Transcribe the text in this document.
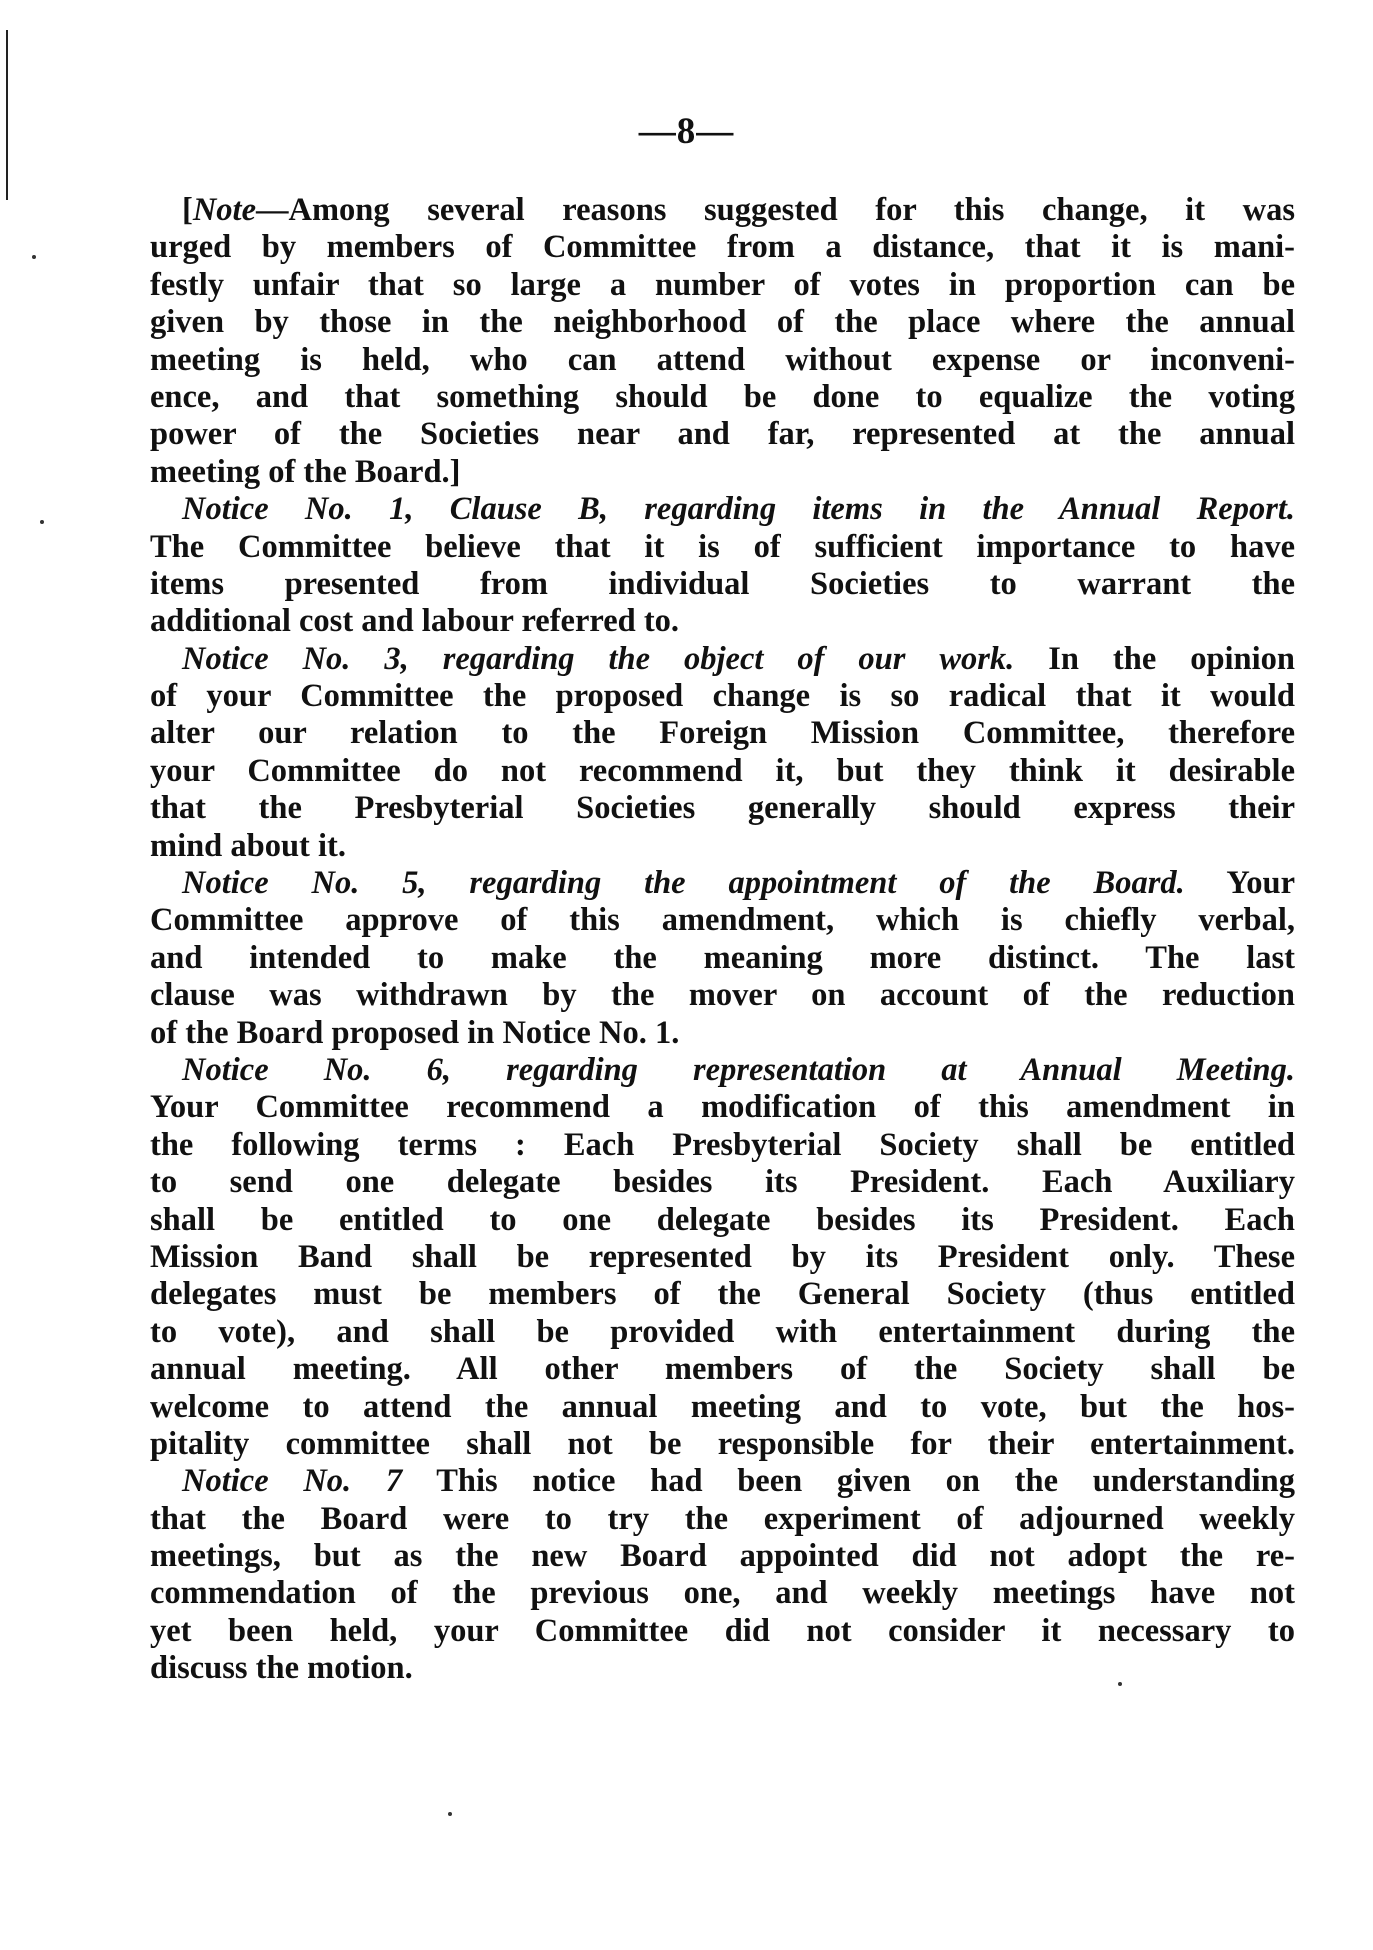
—8—
[Note—Among several reasons suggested for this change, it was
urged by members of Committee from a distance, that it is mani-
festly unfair that so large a number of votes in proportion can be
given by those in the neighborhood of the place where the annual
meeting is held, who can attend without expense or inconveni-
ence, and that something should be done to equalize the voting
power of the Societies near and far, represented at the annual
meeting of the Board.]
Notice No. 1, Clause B, regarding items in the Annual Report.
The Committee believe that it is of sufficient importance to have
items presented from individual Societies to warrant the
additional cost and labour referred to.
Notice No. 3, regarding the object of our work. In the opinion
of your Committee the proposed change is so radical that it would
alter our relation to the Foreign Mission Committee, therefore
your Committee do not recommend it, but they think it desirable
that the Presbyterial Societies generally should express their
mind about it.
Notice No. 5, regarding the appointment of the Board. Your
Committee approve of this amendment, which is chiefly verbal,
and intended to make the meaning more distinct. The last
clause was withdrawn by the mover on account of the reduction
of the Board proposed in Notice No. 1.
Notice No. 6, regarding representation at Annual Meeting.
Your Committee recommend a modification of this amendment in
the following terms : Each Presbyterial Society shall be entitled
to send one delegate besides its President. Each Auxiliary
shall be entitled to one delegate besides its President. Each
Mission Band shall be represented by its President only. These
delegates must be members of the General Society (thus entitled
to vote), and shall be provided with entertainment during the
annual meeting. All other members of the Society shall be
welcome to attend the annual meeting and to vote, but the hos-
pitality committee shall not be responsible for their entertainment.
Notice No. 7 This notice had been given on the understanding
that the Board were to try the experiment of adjourned weekly
meetings, but as the new Board appointed did not adopt the re-
commendation of the previous one, and weekly meetings have not
yet been held, your Committee did not consider it necessary to
discuss the motion.
